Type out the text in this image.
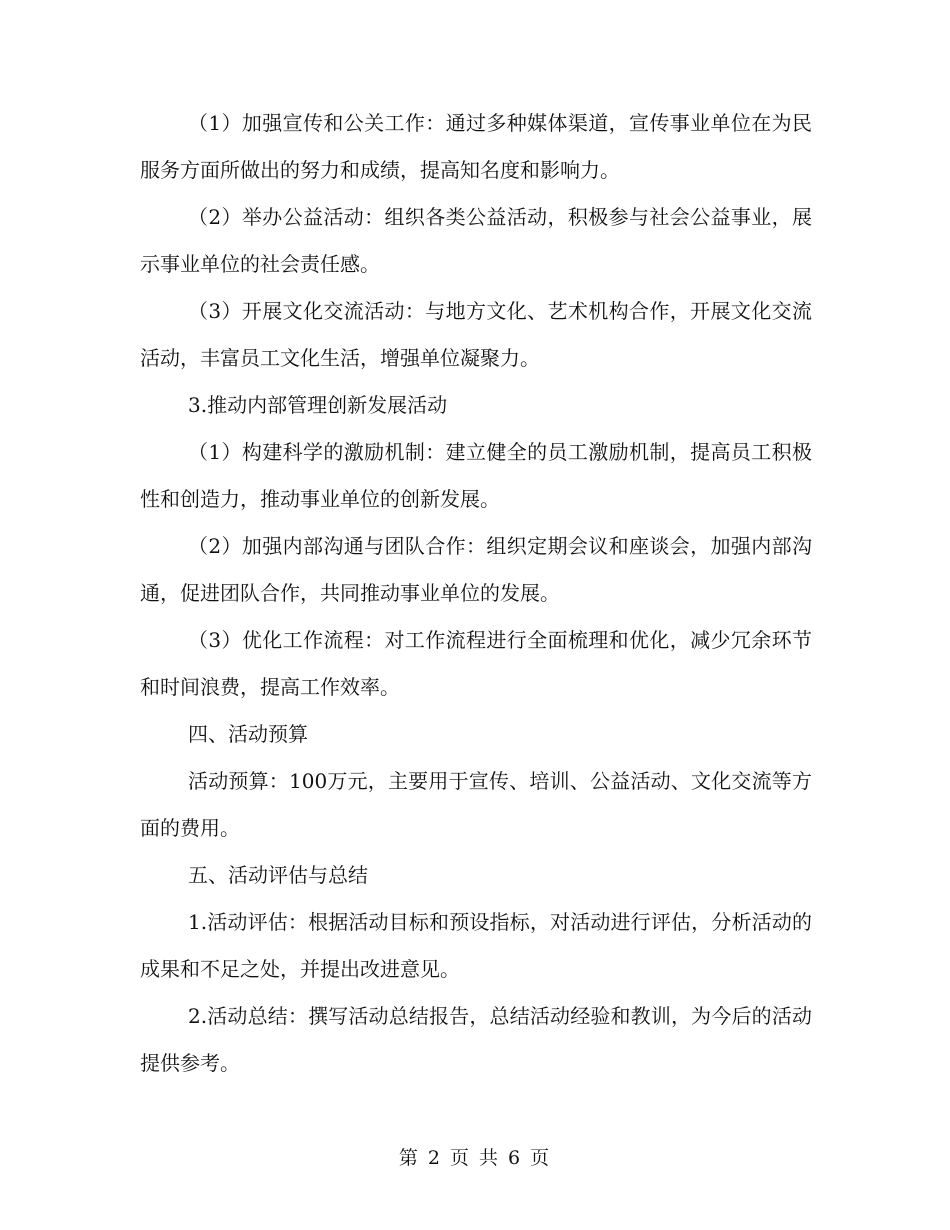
（1）加强宣传和公关工作：通过多种媒体渠道，宣传事业单位在为民服务方面所做出的努力和成绩，提高知名度和影响力。

（2）举办公益活动：组织各类公益活动，积极参与社会公益事业，展示事业单位的社会责任感。

（3）开展文化交流活动：与地方文化、艺术机构合作，开展文化交流活动，丰富员工文化生活，增强单位凝聚力。

3.推动内部管理创新发展活动

（1）构建科学的激励机制：建立健全的员工激励机制，提高员工积极性和创造力，推动事业单位的创新发展。

（2）加强内部沟通与团队合作：组织定期会议和座谈会，加强内部沟通，促进团队合作，共同推动事业单位的发展。

（3）优化工作流程：对工作流程进行全面梳理和优化，减少冗余环节和时间浪费，提高工作效率。

四、活动预算

活动预算：100万元，主要用于宣传、培训、公益活动、文化交流等方面的费用。

五、活动评估与总结

1.活动评估：根据活动目标和预设指标，对活动进行评估，分析活动的成果和不足之处，并提出改进意见。

2.活动总结：撰写活动总结报告，总结活动经验和教训，为今后的活动提供参考。

第 2 页 共 6 页
